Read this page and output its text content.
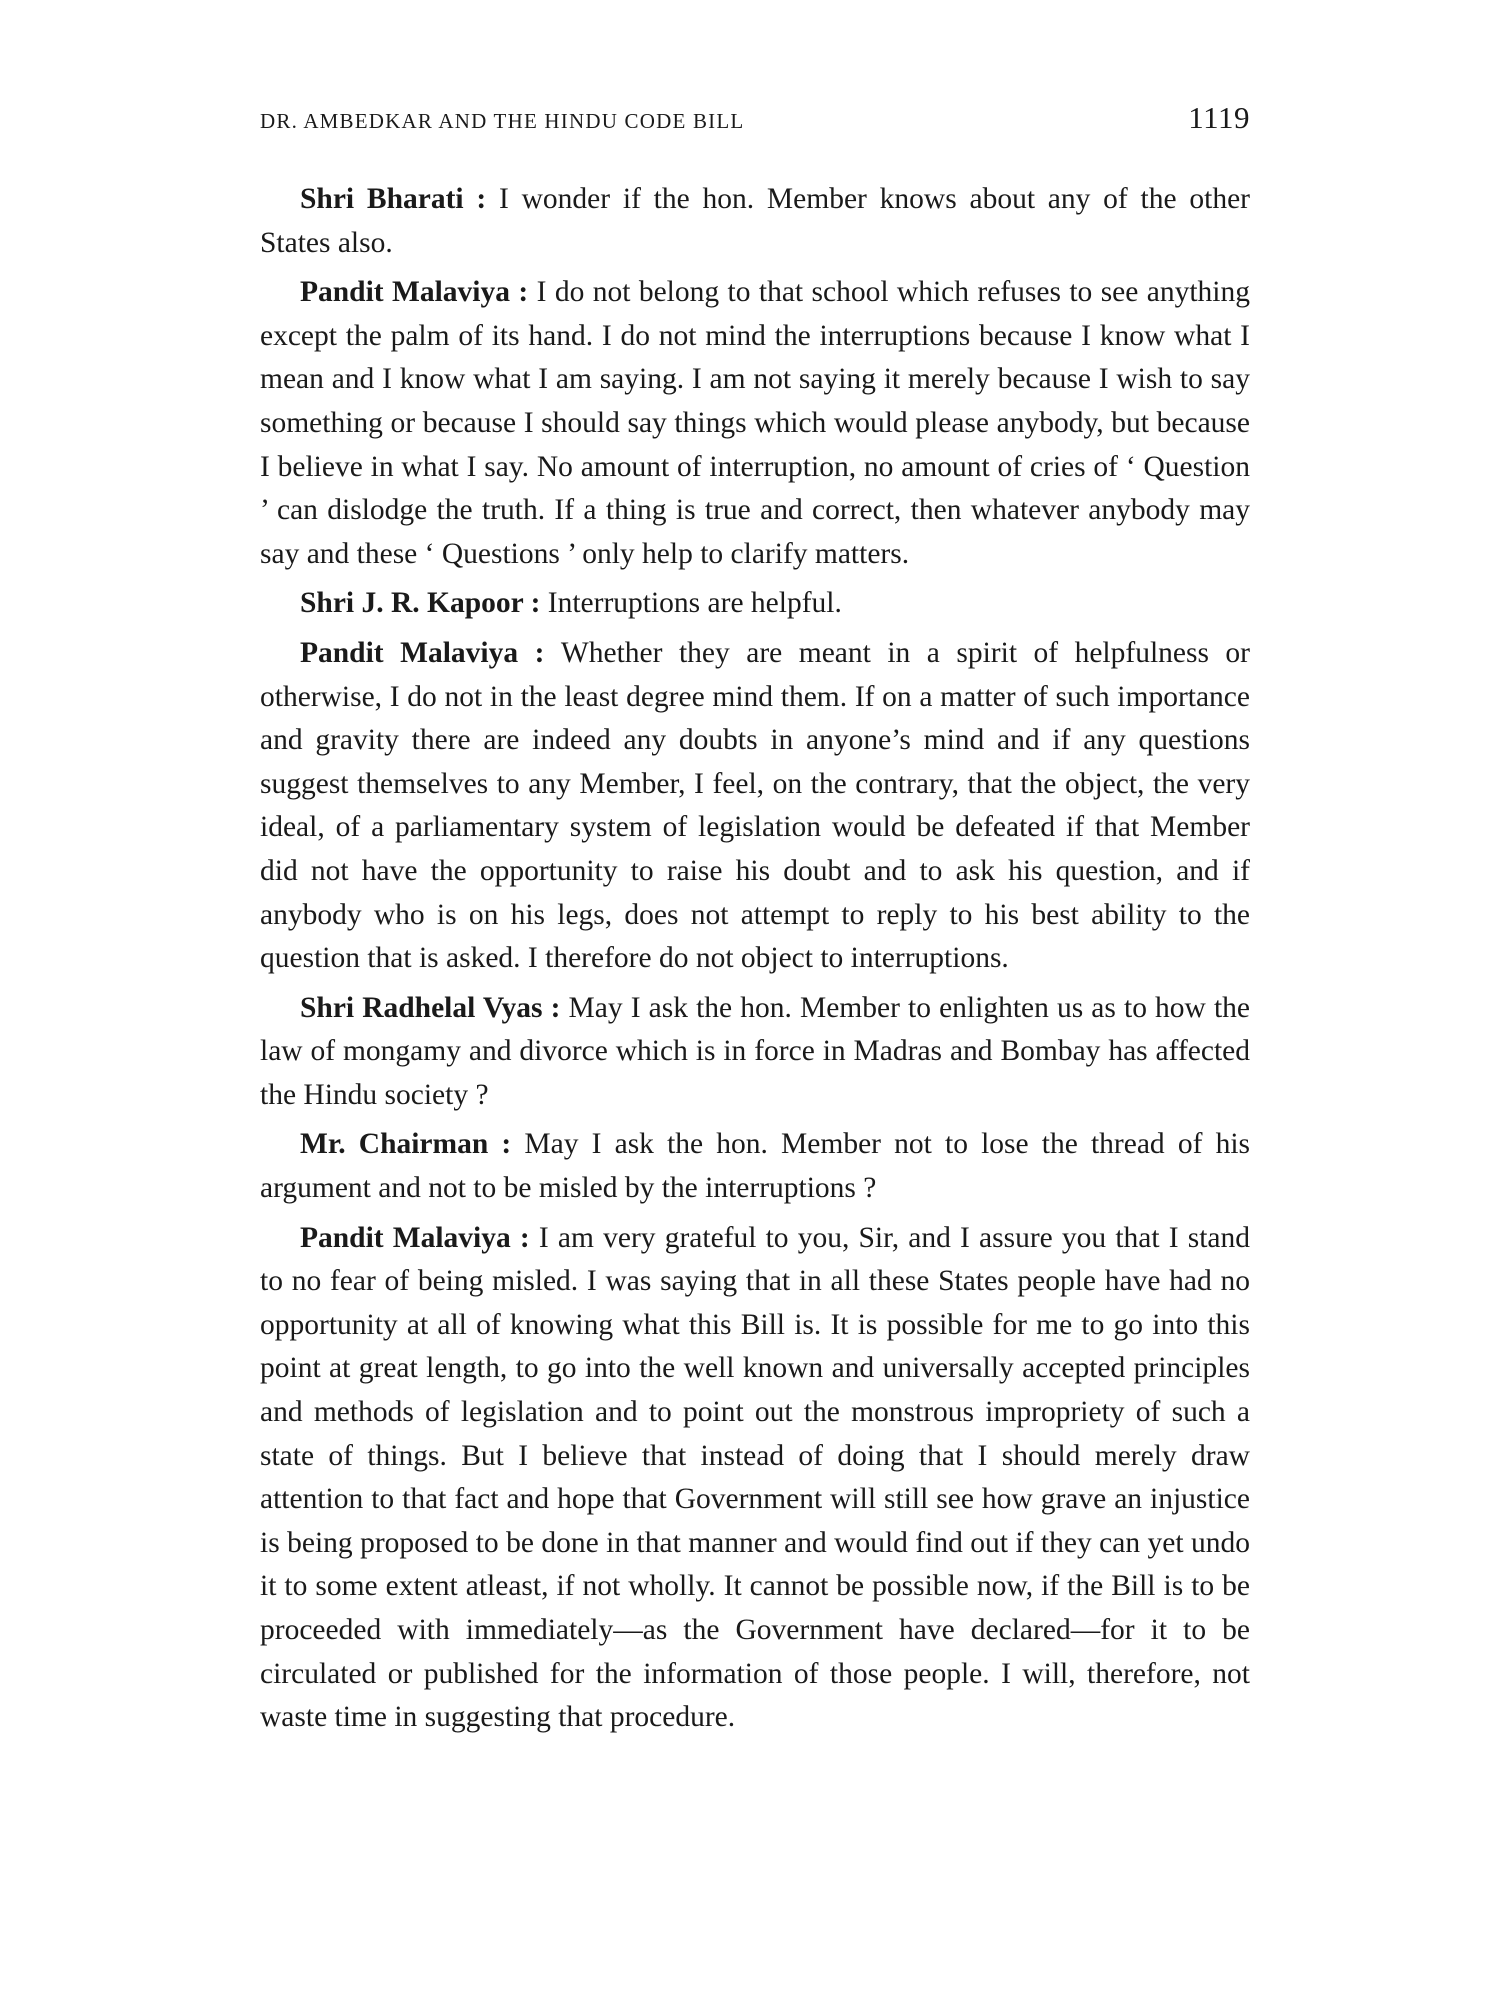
DR. AMBEDKAR AND THE HINDU CODE BILL	1119

Shri Bharati : I wonder if the hon. Member knows about any of the other States also.

Pandit Malaviya : I do not belong to that school which refuses to see anything except the palm of its hand. I do not mind the interruptions because I know what I mean and I know what I am saying. I am not saying it merely because I wish to say something or because I should say things which would please anybody, but because I believe in what I say. No amount of interruption, no amount of cries of ‘ Question ’ can dislodge the truth. If a thing is true and correct, then whatever anybody may say and these ‘ Questions ’ only help to clarify matters.

Shri J. R. Kapoor : Interruptions are helpful.

Pandit Malaviya : Whether they are meant in a spirit of helpfulness or otherwise, I do not in the least degree mind them. If on a matter of such importance and gravity there are indeed any doubts in anyone’s mind and if any questions suggest themselves to any Member, I feel, on the contrary, that the object, the very ideal, of a parliamentary system of legislation would be defeated if that Member did not have the opportunity to raise his doubt and to ask his question, and if anybody who is on his legs, does not attempt to reply to his best ability to the question that is asked. I therefore do not object to interruptions.

Shri Radhelal Vyas : May I ask the hon. Member to enlighten us as to how the law of mongamy and divorce which is in force in Madras and Bombay has affected the Hindu society ?

Mr. Chairman : May I ask the hon. Member not to lose the thread of his argument and not to be misled by the interruptions ?

Pandit Malaviya : I am very grateful to you, Sir, and I assure you that I stand to no fear of being misled. I was saying that in all these States people have had no opportunity at all of knowing what this Bill is. It is possible for me to go into this point at great length, to go into the well known and universally accepted principles and methods of legislation and to point out the monstrous impropriety of such a state of things. But I believe that instead of doing that I should merely draw attention to that fact and hope that Government will still see how grave an injustice is being proposed to be done in that manner and would find out if they can yet undo it to some extent atleast, if not wholly. It cannot be possible now, if the Bill is to be proceeded with immediately—as the Government have declared—for it to be circulated or published for the information of those people. I will, therefore, not waste time in suggesting that procedure.
